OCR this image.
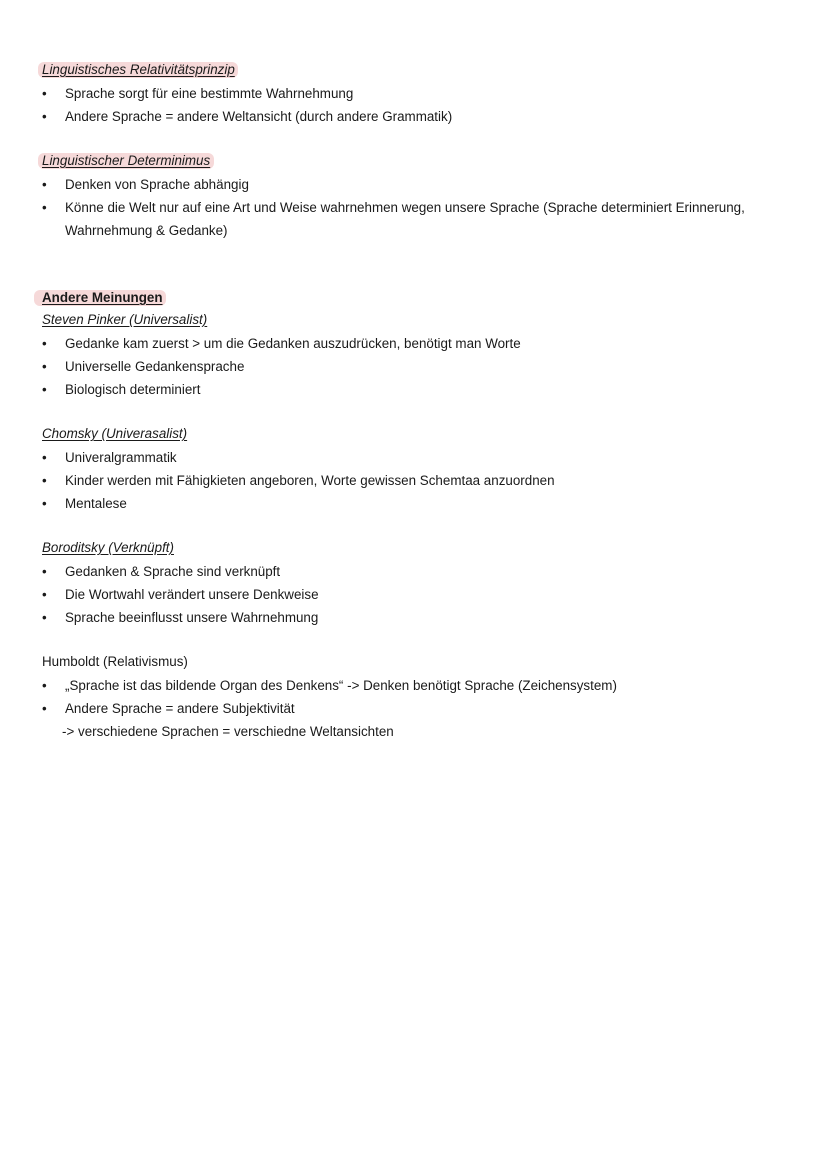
Linguistisches Relativitätsprinzip
•	Sprache sorgt für eine bestimmte Wahrnehmung
•	Andere Sprache = andere Weltansicht (durch andere Grammatik)
Linguistischer Determinimus
•	Denken von Sprache abhängig
•	Könne die Welt nur auf eine Art und Weise wahrnehmen wegen unsere Sprache (Sprache determiniert Erinnerung, Wahrnehmung & Gedanke)
Andere Meinungen
Steven Pinker (Universalist)
•	Gedanke kam zuerst > um die Gedanken auszudrücken, benötigt man Worte
•	Universelle Gedankensprache
•	Biologisch determiniert
Chomsky (Univerasalist)
•	Univeralgrammatik
•	Kinder werden mit Fähigkieten angeboren, Worte gewissen Schemtaa anzuordnen
•	Mentalese
Boroditsky (Verknüpft)
•	Gedanken & Sprache sind verknüpft
•	Die Wortwahl verändert unsere Denkweise
•	Sprache beeinflusst unsere Wahrnehmung
Humboldt (Relativismus)
•	„Sprache ist das bildende Organ des Denkens“ -> Denken benötigt Sprache (Zeichensystem)
•	Andere Sprache = andere Subjektivität
-> verschiedene Sprachen = verschiedne Weltansichten
